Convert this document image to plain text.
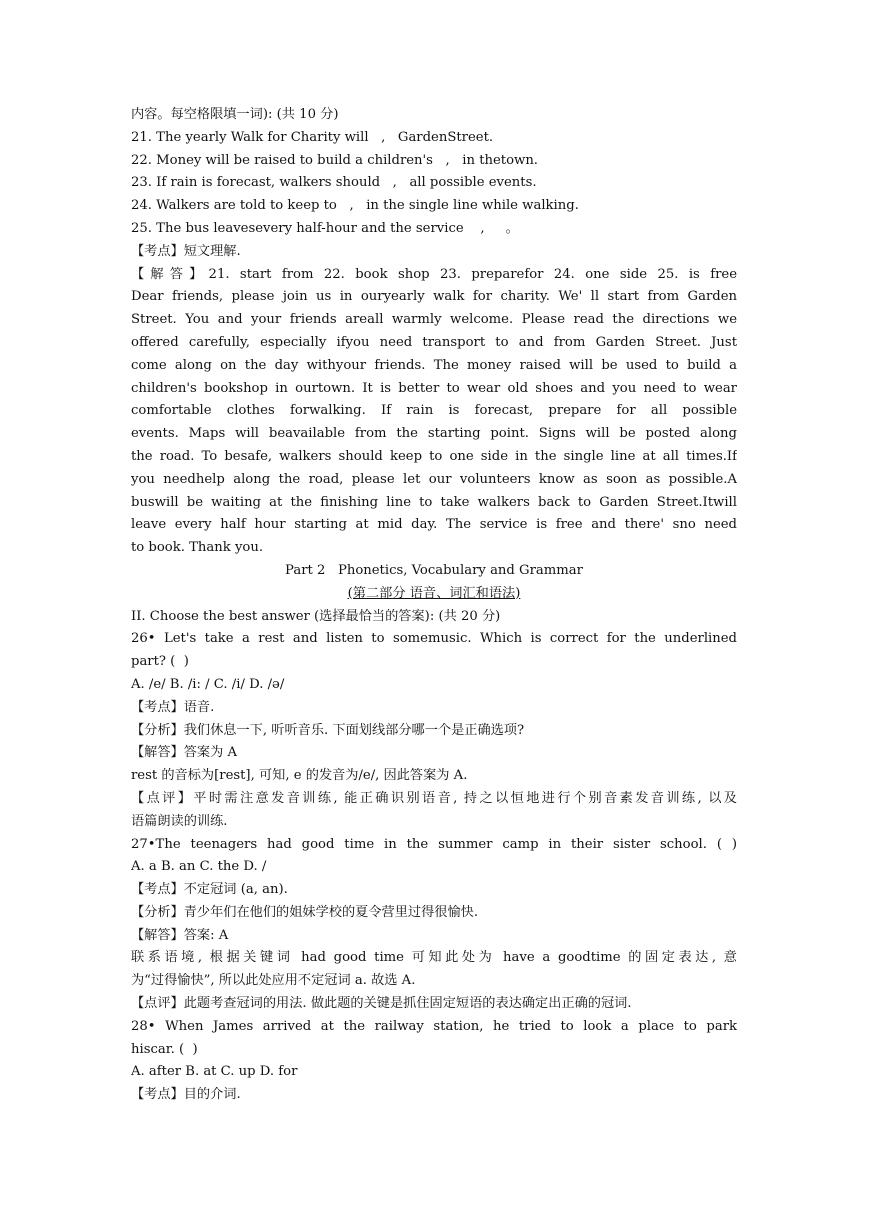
内容。每空格限填一词): (共 10 分)
21. The yearly Walk for Charity will   ,   GardenStreet.
22. Money will be raised to build a children's   ,   in thetown.
23. If rain is forecast, walkers should   ,   all possible events.
24. Walkers are told to keep to   ,   in the single line while walking.
25. The bus leavesevery half-hour and the service    ,     。
【考点】短文理解.
【解答】21. start from 22. book shop 23. preparefor 24. one side 25. is free
Dear friends, please join us in ouryearly walk for charity. We' ll start from Garden
Street. You and your friends areall warmly welcome. Please read the directions we
offered carefully, especially ifyou need transport to and from Garden Street. Just
come along on the day withyour friends. The money raised will be used to build a
children's bookshop in ourtown. It is better to wear old shoes and you need to wear
comfortable clothes forwalking. If rain is forecast, prepare for all possible
events. Maps will beavailable from the starting point. Signs will be posted along
the road. To besafe, walkers should keep to one side in the single line at all times.If
you needhelp along the road, please let our volunteers know as soon as possible.A
buswill be waiting at the finishing line to take walkers back to Garden Street.Itwill
leave every half hour starting at mid day. The service is free and there' sno need
to book. Thank you.
Part 2   Phonetics, Vocabulary and Grammar
(第二部分 语音、词汇和语法)
II. Choose the best answer (选择最恰当的答案): (共 20 分)
26• Let's take a rest and listen to somemusic. Which is correct for the underlined
part? (  )
A. /e/ B. /i: / C. /i/ D. /ə/
【考点】语音.
【分析】我们休息一下, 听听音乐. 下面划线部分哪一个是正确选项?
【解答】答案为 A
rest 的音标为[rest], 可知, e 的发音为/e/, 因此答案为 A.
【点评】平时需注意发音训练, 能正确识别语音, 持之以恒地进行个别音素发音训练, 以及
语篇朗读的训练.
27•The teenagers had good time in the summer camp in their sister school. ( )
A. a B. an C. the D. /
【考点】不定冠词 (a, an).
【分析】青少年们在他们的姐妹学校的夏令营里过得很愉快.
【解答】答案: A
联系语境, 根据关键词 had good time 可知此处为 have a goodtime 的固定表达, 意
为“过得愉快”, 所以此处应用不定冠词 a. 故选 A.
【点评】此题考查冠词的用法. 做此题的关键是抓住固定短语的表达确定出正确的冠词.
28• When James arrived at the railway station, he tried to look a place to park
hiscar. (  )
A. after B. at C. up D. for
【考点】目的介词.
